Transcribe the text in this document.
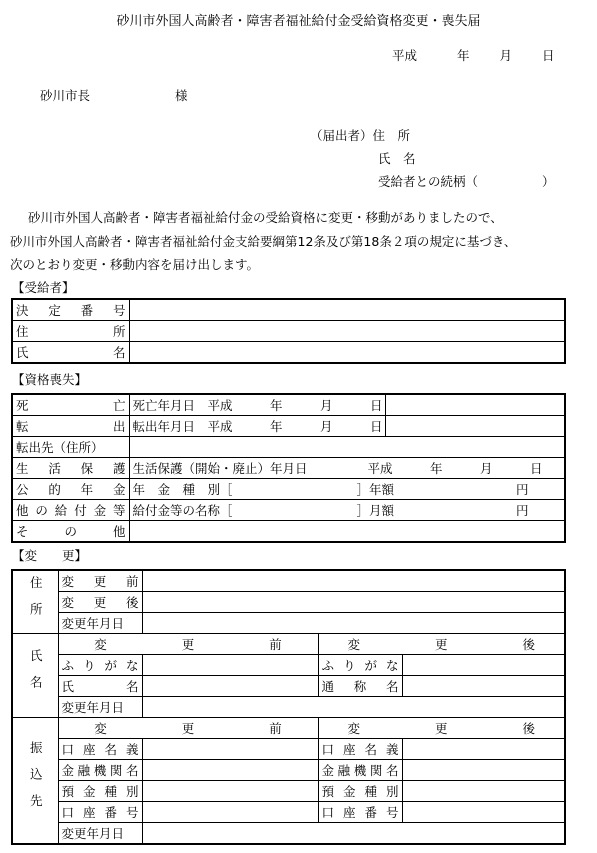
砂川市外国人高齢者・障害者福祉給付金受給資格変更・喪失届
平成	年 月 日
砂川市長	様
（届出者）住　所
氏　名
受給者との続柄（	）
砂川市外国人高齢者・障害者福祉給付金の受給資格に変更・移動がありましたので、
砂川市外国人高齢者・障害者福祉給付金支給要綱第12条及び第18条２項の規定に基づき、
次のとおり変更・移動内容を届け出します。
【受給者】
決定番号	
住所	
氏名	
【資格喪失】
死亡	死亡年月日　平成　　　年　　　月　　　日	
転出	転出年月日　平成　　　年　　　月　　　日	
転出先（住所）		
生活保護	生活保護（開始・廃止）年月日 平成　　　年　　　月　　　日	
公的年金	年　金　種　別［ ］年額 円	
他の給付金等	給付金等の名称［ ］月額 円	
その他		
【変　　更】
住所	変更前			
	変更後			
	変更年月日			
氏名	変　　　　　　更　　　　　　前		変　　　　　　更　　　　　　後	
	ふりがな		ふりがな	
	氏名		通称名	
	変更年月日			
振込先	変　　　　　　更　　　　　　前		変　　　　　　更　　　　　　後	
	口座名義		口座名義	
	金融機関名		金融機関名	
	預金種別		預金種別	
	口座番号		口座番号	
	変更年月日			
